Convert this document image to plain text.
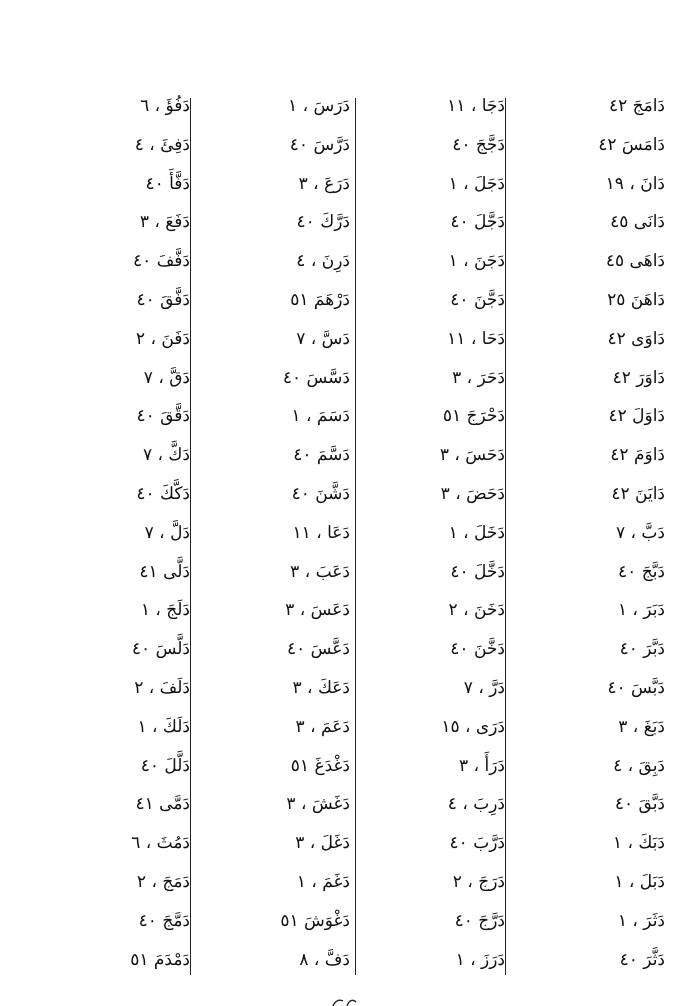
دَامَجَ ٤٢
دَامَسَ ٤٢
دَانَ ، ١٩
دَانَى ٤٥
دَاهَى ٤٥
دَاهَنَ ٢٥
دَاوَى ٤٢
دَاوَرَ ٤٢
دَاوَلَ ٤٢
دَاوَمَ ٤٢
دَايَنَ ٤٢
دَبَّ ، ٧
دَبَّجَ ٤٠
دَبَرَ ، ١
دَبَّرَ ٤٠
دَبَّسَ ٤٠
دَبَغَ ، ٣
دَبِقَ ، ٤
دَبَّقَ ٤٠
دَبَكَ ، ١
دَبَلَ ، ١
دَثَرَ ، ١
دَثَّرَ ٤٠
دَجَا ، ١١
دَجَّجَ ٤٠
دَجَلَ ، ١
دَجَّلَ ٤٠
دَجَنَ ، ١
دَجَّنَ ٤٠
دَحَا ، ١١
دَحَرَ ، ٣
دَحْرَجَ ٥١
دَحَسَ ، ٣
دَحَضَ ، ٣
دَخَلَ ، ١
دَخَّلَ ٤٠
دَخَنَ ، ٢
دَخَّنَ ٤٠
دَرَّ ، ٧
دَرَى ، ١٥
دَرَأَ ، ٣
دَرِبَ ، ٤
دَرَّبَ ٤٠
دَرَجَ ، ٢
دَرَّجَ ٤٠
دَرَزَ ، ١
دَرَسَ ، ١
دَرَّسَ ٤٠
دَرَعَ ، ٣
دَرَّكَ ٤٠
دَرِنَ ، ٤
دَرْهَمَ ٥١
دَسَّ ، ٧
دَسَّسَ ٤٠
دَسَمَ ، ١
دَسَّمَ ٤٠
دَشَّنَ ٤٠
دَعَا ، ١١
دَعَبَ ، ٣
دَعَسَ ، ٣
دَعَّسَ ٤٠
دَعَكَ ، ٣
دَعَمَ ، ٣
دَغْدَغَ ٥١
دَغَشَ ، ٣
دَغَلَ ، ٣
دَغَمَ ، ١
دَغْوَشَ ٥١
دَفَّ ، ٨
دَفُؤَ ، ٦
دَفِئَ ، ٤
دَفَّأَ ٤٠
دَفَعَ ، ٣
دَفَّفَ ٤٠
دَفَّقَ ٤٠
دَفَنَ ، ٢
دَقَّ ، ٧
دَقَّقَ ٤٠
دَكَّ ، ٧
دَكَّكَ ٤٠
دَلَّ ، ٧
دَلَّى ٤١
دَلَجَ ، ١
دَلَّسَ ٤٠
دَلَفَ ، ٢
دَلَكَ ، ١
دَلَّلَ ٤٠
دَمَّى ٤١
دَمُثَ ، ٦
دَمَجَ ، ٢
دَمَّجَ ٤٠
دَمْدَمَ ٥١
